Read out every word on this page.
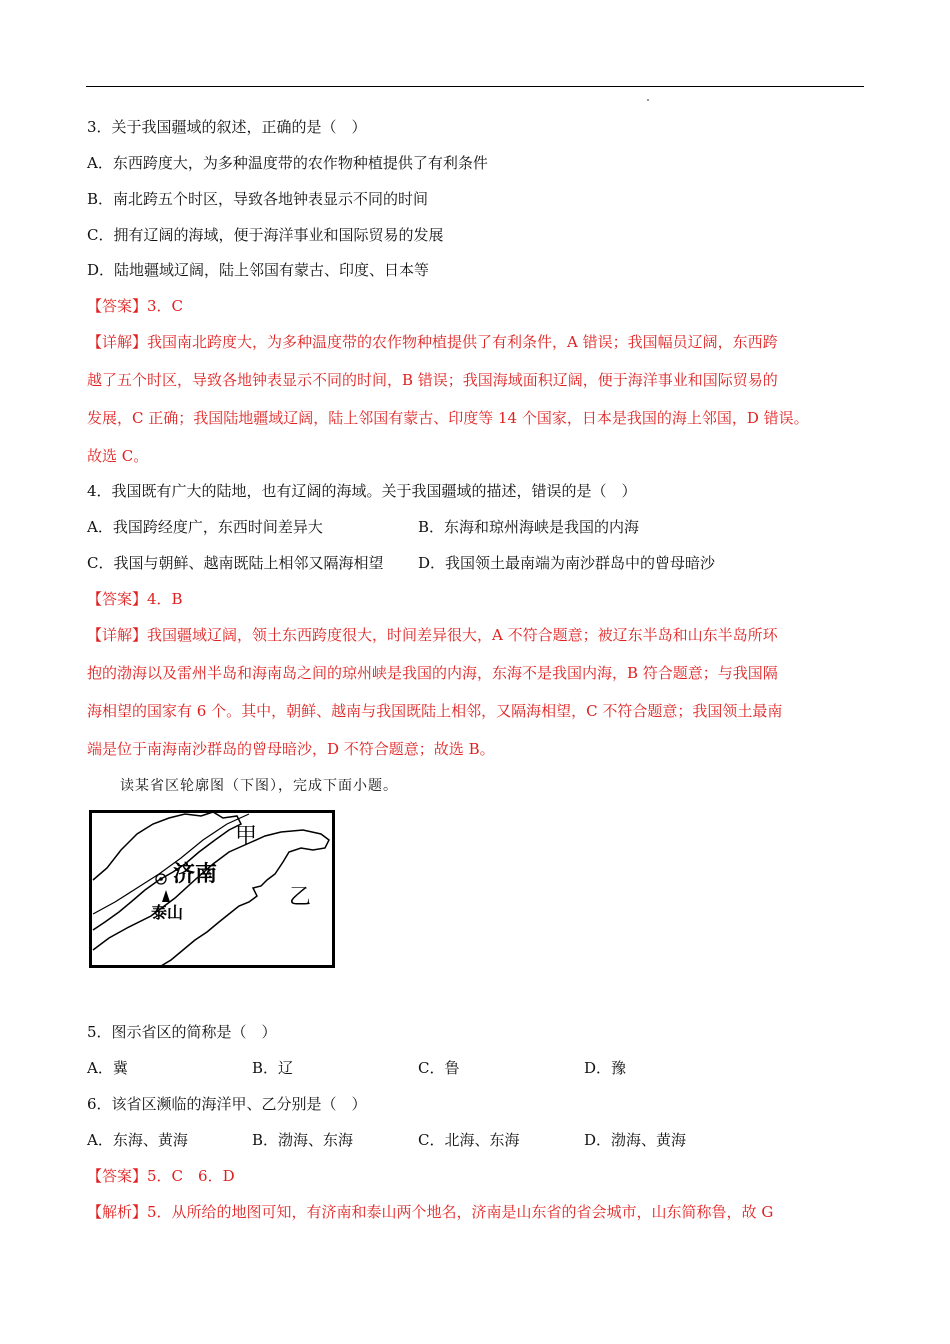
3．关于我国疆域的叙述，正确的是（　）
A．东西跨度大，为多种温度带的农作物种植提供了有利条件
B．南北跨五个时区，导致各地钟表显示不同的时间
C．拥有辽阔的海域，便于海洋事业和国际贸易的发展
D．陆地疆域辽阔，陆上邻国有蒙古、印度、日本等
【答案】3．C
【详解】我国南北跨度大，为多种温度带的农作物种植提供了有利条件，A 错误；我国幅员辽阔，东西跨
越了五个时区，导致各地钟表显示不同的时间，B 错误；我国海域面积辽阔，便于海洋事业和国际贸易的
发展，C 正确；我国陆地疆域辽阔，陆上邻国有蒙古、印度等 14 个国家，日本是我国的海上邻国，D 错误。
故选 C。
4．我国既有广大的陆地，也有辽阔的海域。关于我国疆域的描述，错误的是（　）
A．我国跨经度广，东西时间差异大	B．东海和琼州海峡是我国的内海
C．我国与朝鲜、越南既陆上相邻又隔海相望 D．我国领土最南端为南沙群岛中的曾母暗沙
【答案】4．B
【详解】我国疆域辽阔，领土东西跨度很大，时间差异很大，A 不符合题意；被辽东半岛和山东半岛所环
抱的渤海以及雷州半岛和海南岛之间的琼州峡是我国的内海，东海不是我国内海，B 符合题意；与我国隔
海相望的国家有 6 个。其中，朝鲜、越南与我国既陆上相邻，又隔海相望，C 不符合题意；我国领土最南
端是位于南海南沙群岛的曾母暗沙，D 不符合题意；故选 B。
读某省区轮廓图（下图），完成下面小题。
甲
济南
泰山
乙
5．图示省区的简称是（　）
A．冀	B．辽	C．鲁	D．豫
6．该省区濒临的海洋甲、乙分别是（　）
A．东海、黄海	B．渤海、东海	C．北海、东海	D．渤海、黄海
【答案】5．C　6．D
【解析】5．从所给的地图可知，有济南和泰山两个地名，济南是山东省的省会城市，山东简称鲁，故 G
